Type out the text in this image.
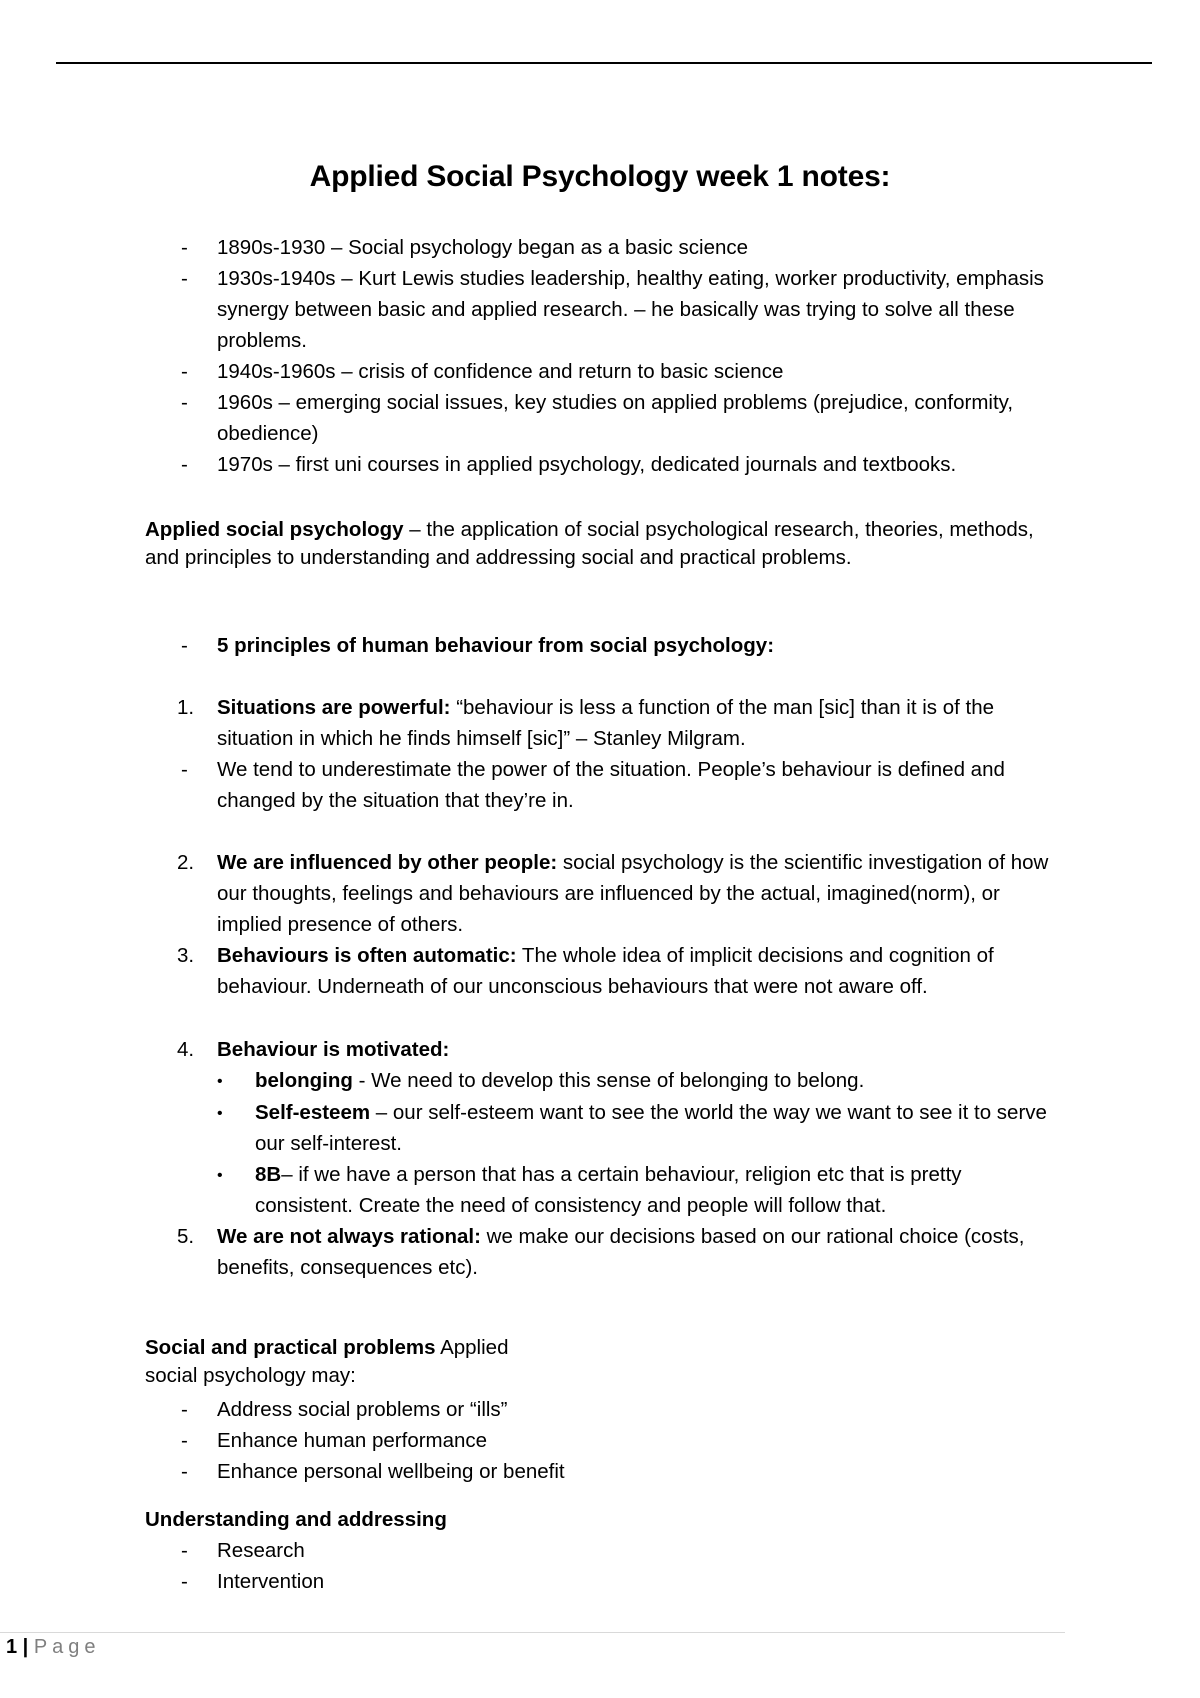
Applied Social Psychology week 1 notes:
-	1890s-1930 – Social psychology began as a basic science
-	1930s-1940s – Kurt Lewis studies leadership, healthy eating, worker productivity, emphasis synergy between basic and applied research. – he basically was trying to solve all these problems.
-	1940s-1960s – crisis of confidence and return to basic science
-	1960s – emerging social issues, key studies on applied problems (prejudice, conformity, obedience)
-	1970s – first uni courses in applied psychology, dedicated journals and textbooks.
Applied social psychology – the application of social psychological research, theories, methods, and principles to understanding and addressing social and practical problems.
-	5 principles of human behaviour from social psychology:
1.	Situations are powerful: “behaviour is less a function of the man [sic] than it is of the situation in which he finds himself [sic]” – Stanley Milgram.
-	We tend to underestimate the power of the situation. People’s behaviour is defined and changed by the situation that they’re in.
2.	We are influenced by other people: social psychology is the scientific investigation of how our thoughts, feelings and behaviours are influenced by the actual, imagined(norm), or implied presence of others.
3.	Behaviours is often automatic: The whole idea of implicit decisions and cognition of behaviour. Underneath of our unconscious behaviours that were not aware off.
4.	Behaviour is motivated:
•	belonging - We need to develop this sense of belonging to belong.
•	Self-esteem – our self-esteem want to see the world the way we want to see it to serve our self-interest.
•	8B– if we have a person that has a certain behaviour, religion etc that is pretty consistent. Create the need of consistency and people will follow that.
5.	We are not always rational: we make our decisions based on our rational choice (costs, benefits, consequences etc).
Social and practical problems Applied
social psychology may:
-	Address social problems or “ills”
-	Enhance human performance
-	Enhance personal wellbeing or benefit
Understanding and addressing
-	Research
-	Intervention
1 | Page
